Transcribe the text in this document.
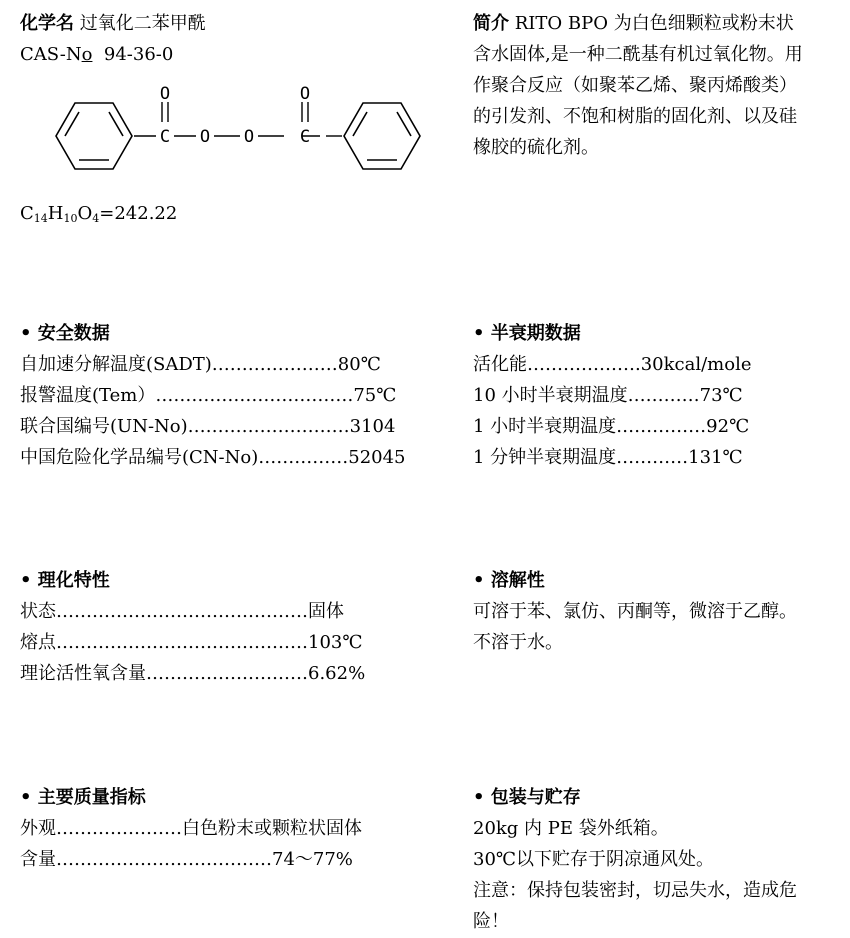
化学名 过氧化二苯甲酰
CAS-No 94-36-0
O
C O O
O
C
$C_{14}H_{10}O_4=242.22$
简介 RITO BPO 为白色细颗粒或粉末状
含水固体,是一种二酰基有机过氧化物。用
作聚合反应（如聚苯乙烯、聚丙烯酸类）
的引发剂、不饱和树脂的固化剂、以及硅
橡胶的硫化剂。
• 安全数据
自加速分解温度(SADT)…………………80℃
报警温度(Tem）……………………………75℃
联合国编号(UN-No)………………………3104
中国危险化学品编号(CN-No)……………52045
• 半衰期数据
活化能……………….30kcal/mole
10 小时半衰期温度…………73℃
1 小时半衰期温度……………92℃
1 分钟半衰期温度…………131℃
• 理化特性
状态……………………………………固体
熔点……………………………………103℃
理论活性氧含量………………………6.62%
• 溶解性
可溶于苯、氯仿、丙酮等，微溶于乙醇。
不溶于水。
• 主要质量指标
外观…………………白色粉末或颗粒状固体
含量………………………………74～77%
• 包装与贮存
20kg 内 PE 袋外纸箱。
30℃以下贮存于阴凉通风处。
注意：保持包装密封，切忌失水，造成危
险！
